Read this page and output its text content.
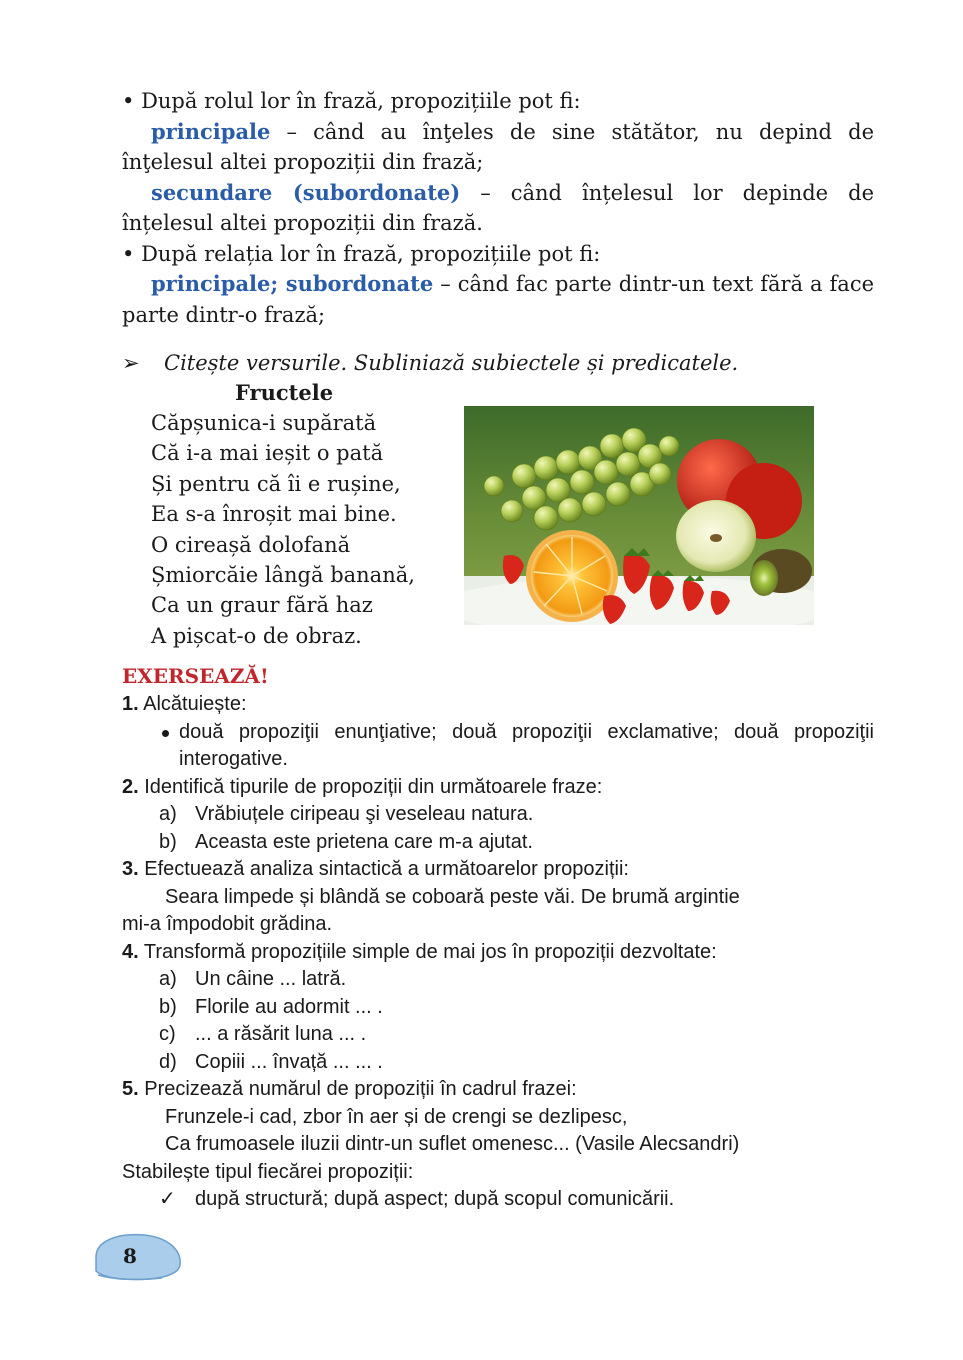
• După rolul lor în frază, propozițiile pot fi:

principale – când au înţeles de sine stătător, nu depind de înţelesul altei propoziții din frază;

secundare (subordonate) – când înțelesul lor depinde de înțelesul altei propoziții din frază.

• După relația lor în frază, propozițiile pot fi:

principale; subordonate – când fac parte dintr-un text fără a face parte dintr-o frază;

➢ Citește versurile. Subliniază subiectele și predicatele.
Fructele
Căpșunica-i supărată
Că i-a mai ieșit o pată
Și pentru că îi e rușine,
Ea s-a înroșit mai bine.
O cireașă dolofană
Șmiorcăie lângă banană,
Ca un graur fără haz
A pișcat-o de obraz.
EXERSEAZĂ!

1. Alcătuiește:

două propoziţii enunţiative; două propoziţii exclamative; două propoziţii interogative.

2. Identifică tipurile de propoziții din următoarele fraze:

a) Vrăbiuțele ciripeau şi veseleau natura.

b) Aceasta este prietena care m-a ajutat.

3. Efectuează analiza sintactică a următoarelor propoziții:

Seara limpede și blândă se coboară peste văi. De brumă argintie

mi-a împodobit grădina.

4. Transformă propozițiile simple de mai jos în propoziții dezvoltate:

a) Un câine ... latră.

b) Florile au adormit ... .

c) ... a răsărit luna ... .

d) Copiii ... învață ... ... .

5. Precizează numărul de propoziții în cadrul frazei:

Frunzele-i cad, zbor în aer și de crengi se dezlipesc,

Ca frumoasele iluzii dintr-un suflet omenesc... (Vasile Alecsandri)

Stabilește tipul fiecărei propoziții:

✓ după structură; după aspect; după scopul comunicării.

8
